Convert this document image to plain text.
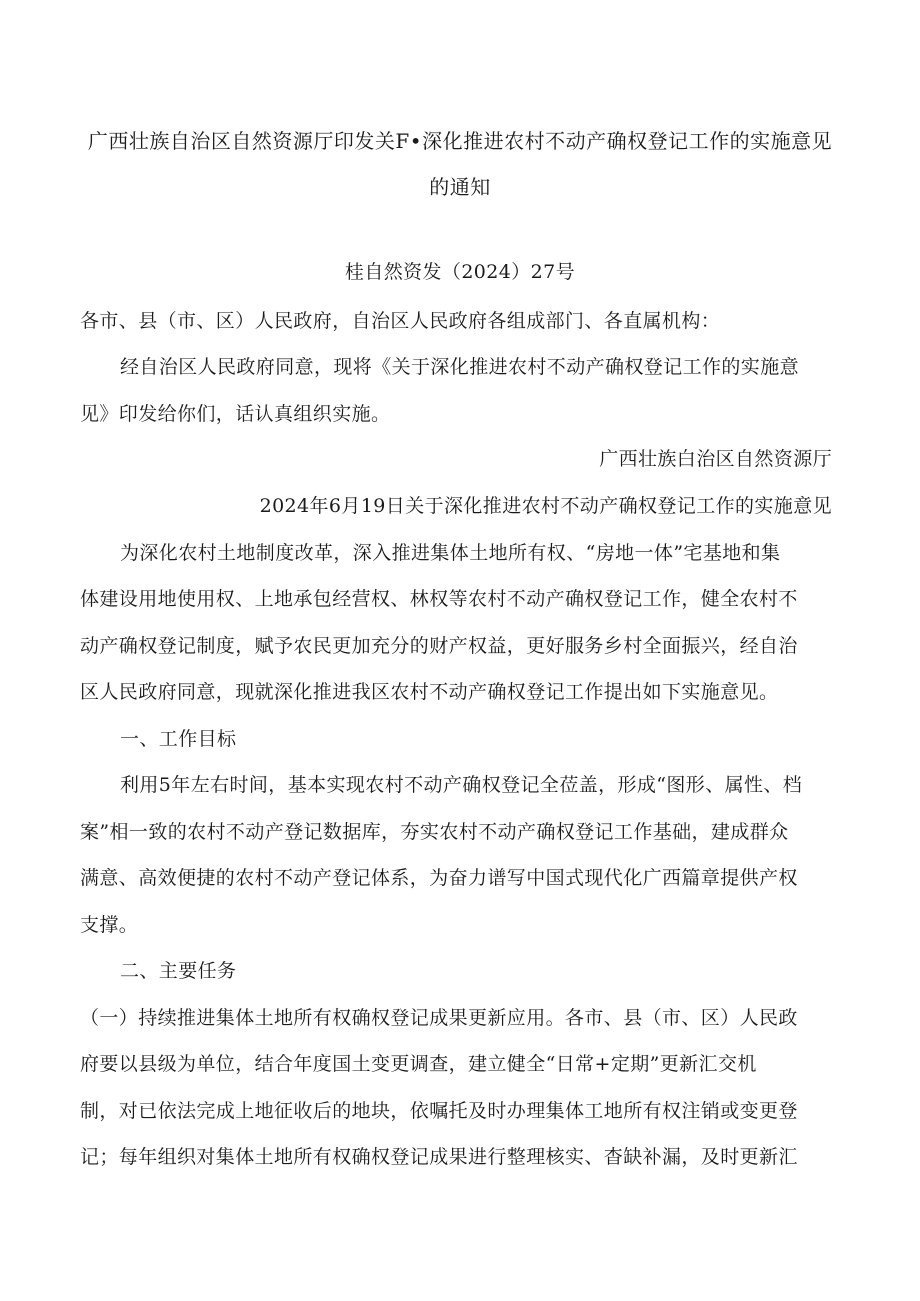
广西壮族自治区自然资源厅印发关F•深化推进农村不动产确权登记工作的实施意见的通知
桂自然资发（2024）27号
各市、县（市、区）人民政府，自治区人民政府各组成部门、各直属机构：
经自治区人民政府同意，现将《关于深化推进农村不动产确权登记工作的实施意
见》印发给你们，话认真组织实施。
广西壮族白治区自然资源厅
2024年6月19日关于深化推进农村不动产确权登记工作的实施意见
为深化农村土地制度改革，深入推进集体土地所有权、“房地一体”宅基地和集
体建设用地使用权、上地承包经营权、林权等农村不动产确权登记工作，健全农村不
动产确权登记制度，赋予农民更加充分的财产权益，更好服务乡村全面振兴，经自治
区人民政府同意，现就深化推进我区农村不动产确权登记工作提出如下实施意见。
一、工作目标
利用5年左右时间，基本实现农村不动产确权登记全莅盖，形成“图形、属性、档
案”相一致的农村不动产登记数据库，夯实农村不动产确权登记工作基础，建成群众
满意、高效便捷的农村不动产登记体系，为奋力谱写中国式现代化广西篇章提供产权
支撑。
二、主要任务
（一）持续推进集体土地所有权确权登记成果更新应用。各市、县（市、区）人民政
府要以县级为单位，结合年度国土变更调查，建立健全“日常+定期”更新汇交机
制，对已依法完成上地征收后的地块，依嘱托及时办理集体工地所有权注销或变更登
记；每年组织对集体土地所有权确权登记成果进行整理核实、杳缺补漏，及时更新汇
